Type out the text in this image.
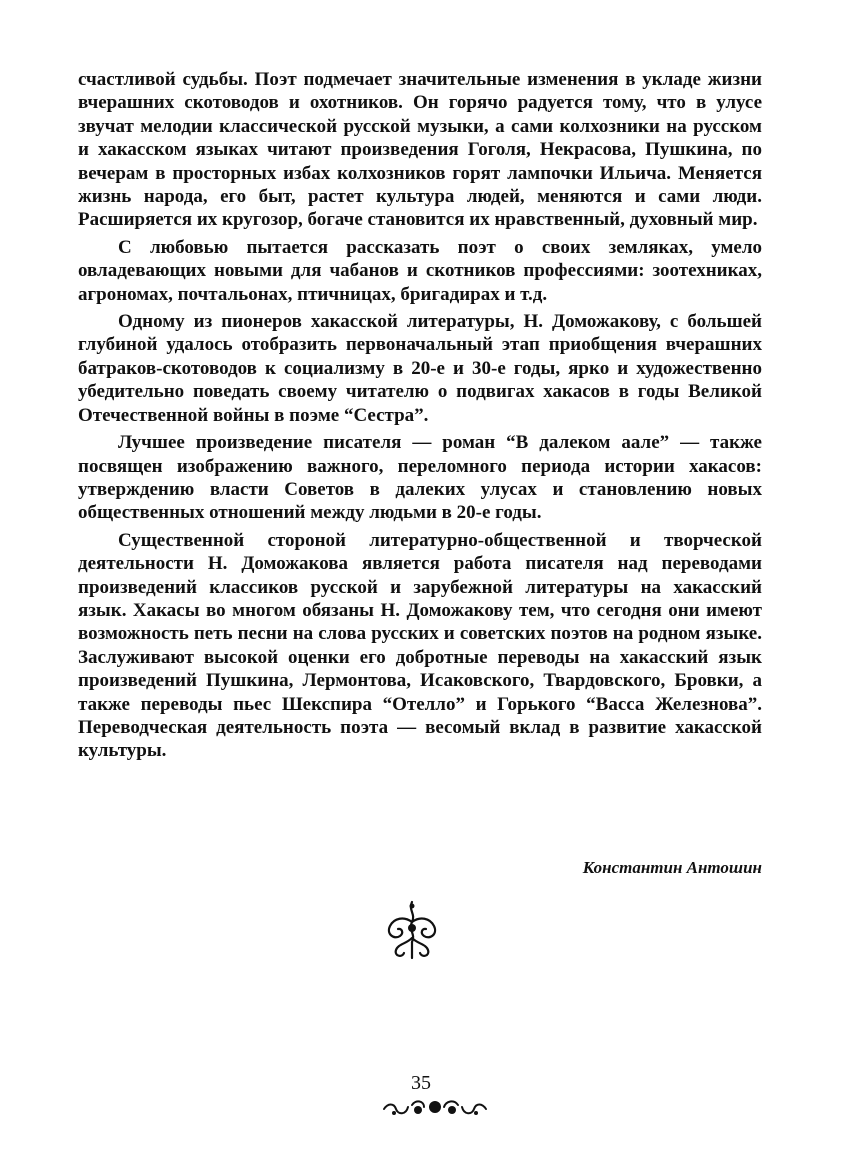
счастливой судьбы. Поэт подмечает значительные изменения в укладе жизни вчерашних скотоводов и охотников. Он горячо радуется тому, что в улусе звучат мелодии классической русской музыки, а сами колхозники на русском и хакасском языках читают произведения Гоголя, Некрасова, Пушкина, по вечерам в просторных избах колхозников горят лампочки Ильича. Меняется жизнь народа, его быт, растет культура людей, меняются и сами люди. Расширяется их кругозор, богаче становится их нравственный, духовный мир.

С любовью пытается рассказать поэт о своих земляках, умело овладевающих новыми для чабанов и скотников профессиями: зоотехниках, агрономах, почтальонах, птичницах, бригадирах и т.д.

Одному из пионеров хакасской литературы, Н. Доможакову, с большей глубиной удалось отобразить первоначальный этап приобщения вчерашних батраков-скотоводов к социализму в 20-е и 30-е годы, ярко и художественно убедительно поведать своему читателю о подвигах хакасов в годы Великой Отечественной войны в поэме “Сестра”.

Лучшее произведение писателя — роман “В далеком аале” — также посвящен изображению важного, переломного периода истории хакасов: утверждению власти Советов в далеких улусах и становлению новых общественных отношений между людьми в 20-е годы.

Существенной стороной литературно-общественной и творческой деятельности Н. Доможакова является работа писателя над переводами произведений классиков русской и зарубежной литературы на хакасский язык. Хакасы во многом обязаны Н. Доможакову тем, что сегодня они имеют возможность петь песни на слова русских и советских поэтов на родном языке. Заслуживают высокой оценки его добротные переводы на хакасский язык произведений Пушкина, Лермонтова, Исаковского, Твардовского, Бровки, а также переводы пьес Шекспира “Отелло” и Горького “Васса Железнова”. Переводческая деятельность поэта — весомый вклад в развитие хакасской культуры.

Константин Антошин
35
